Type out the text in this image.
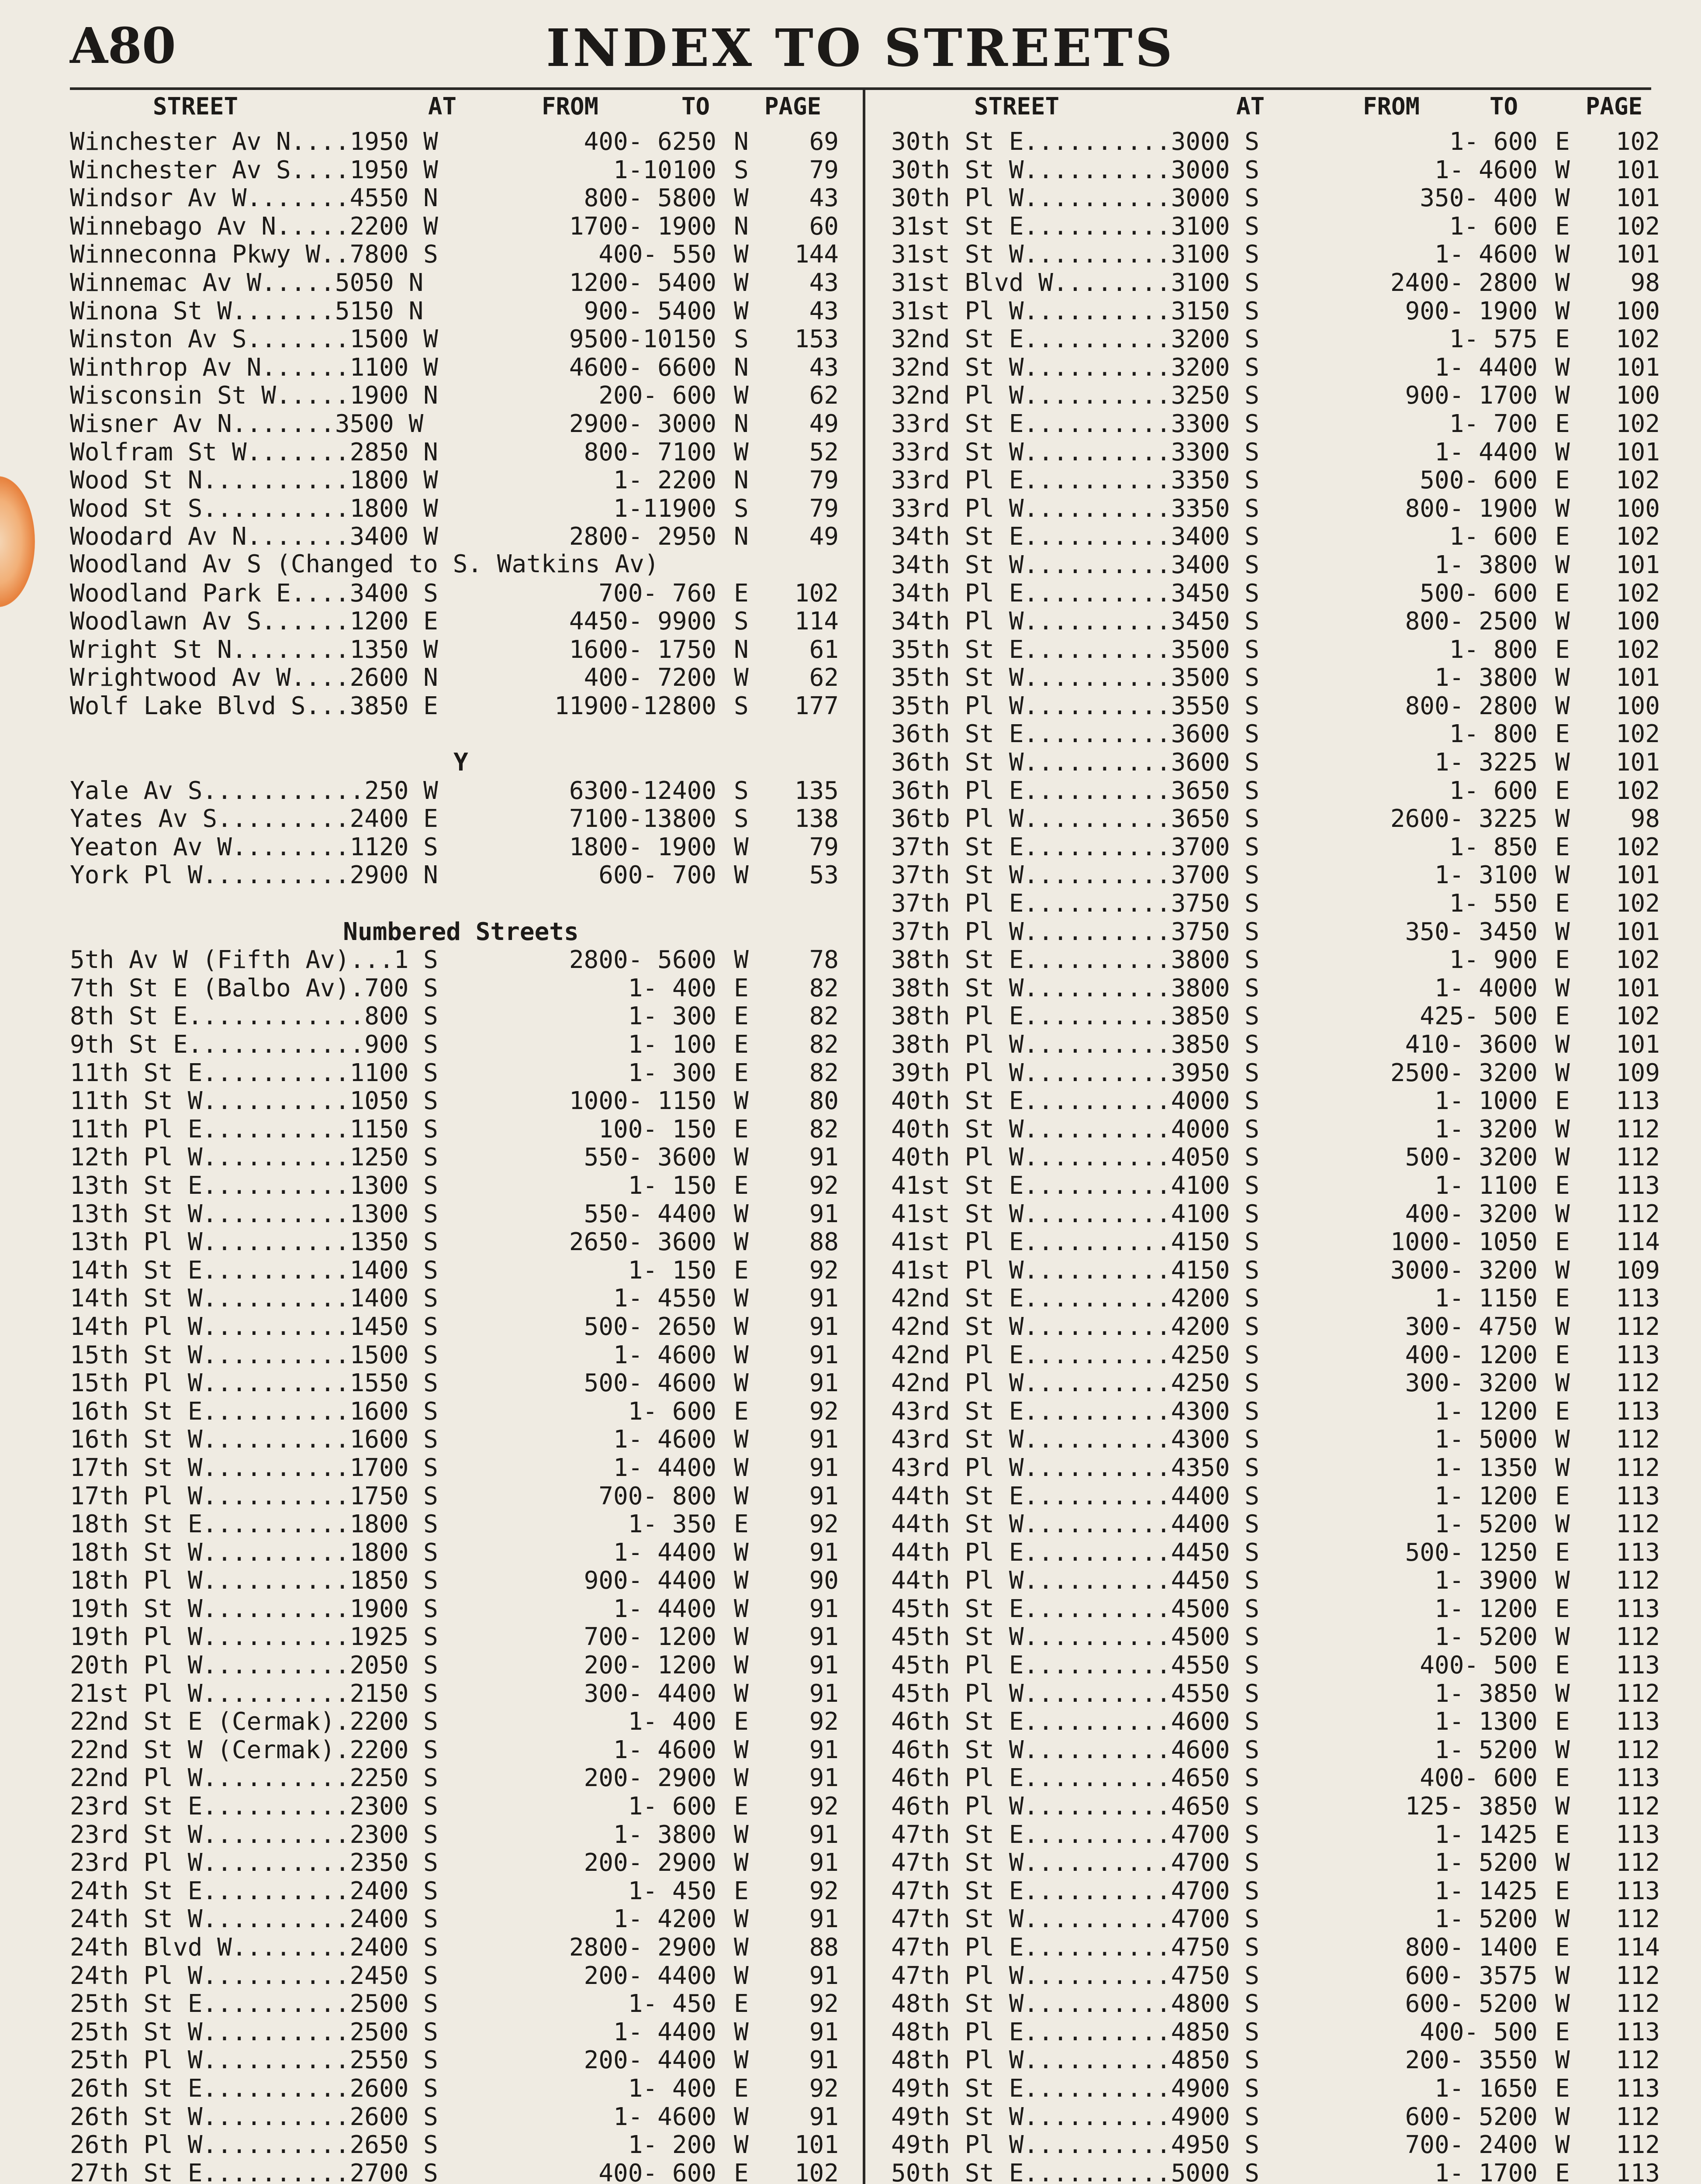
A80	INDEX TO STREETS
STREET	AT	FROM	TO PAGE
Winchester Av N....1950 W	400- 6250 N	69
Winchester Av S....1950 W	1-10100 S	79
Windsor Av W.......4550 N	800- 5800 W	43
Winnebago Av N.....2200 W	1700- 1900 N	60
Winneconna Pkwy W..7800 S	400- 550 W	144
Winnemac Av W.....5050 N	1200- 5400 W	43
Winona St W.......5150 N	900- 5400 W	43
Winston Av S.......1500 W	9500-10150 S	153
Winthrop Av N......1100 W	4600- 6600 N	43
Wisconsin St W.....1900 N	200- 600 W	62
Wisner Av N.......3500 W	2900- 3000 N	49
Wolfram St W.......2850 N	800- 7100 W	52
Wood St N..........1800 W	1- 2200 N	79
Wood St S..........1800 W	1-11900 S	79
Woodard Av N.......3400 W	2800- 2950 N	49
Woodland Av S (Changed to S. Watkins Av)
Woodland Park E....3400 S	700- 760 E	102
Woodlawn Av S......1200 E	4450- 9900 S	114
Wright St N........1350 W	1600- 1750 N	61
Wrightwood Av W....2600 N	400- 7200 W	62
Wolf Lake Blvd S...3850 E	11900-12800 S	177
Y
Yale Av S...........250 W	6300-12400 S	135
Yates Av S.........2400 E	7100-13800 S	138
Yeaton Av W........1120 S	1800- 1900 W	79
York Pl W..........2900 N	600- 700 W	53
Numbered Streets
5th Av W (Fifth Av)...1 S	2800- 5600 W	78
7th St E (Balbo Av).700 S	1- 400 E	82
8th St E............800 S	1- 300 E	82
9th St E............900 S	1- 100 E	82
11th St E..........1100 S	1- 300 E	82
11th St W..........1050 S	1000- 1150 W	80
11th Pl E..........1150 S	100- 150 E	82
12th Pl W..........1250 S	550- 3600 W	91
13th St E..........1300 S	1- 150 E	92
13th St W..........1300 S	550- 4400 W	91
13th Pl W..........1350 S	2650- 3600 W	88
14th St E..........1400 S	1- 150 E	92
14th St W..........1400 S	1- 4550 W	91
14th Pl W..........1450 S	500- 2650 W	91
15th St W..........1500 S	1- 4600 W	91
15th Pl W..........1550 S	500- 4600 W	91
16th St E..........1600 S	1- 600 E	92
16th St W..........1600 S	1- 4600 W	91
17th St W..........1700 S	1- 4400 W	91
17th Pl W..........1750 S	700- 800 W	91
18th St E..........1800 S	1- 350 E	92
18th St W..........1800 S	1- 4400 W	91
18th Pl W..........1850 S	900- 4400 W	90
19th St W..........1900 S	1- 4400 W	91
19th Pl W..........1925 S	700- 1200 W	91
20th Pl W..........2050 S	200- 1200 W	91
21st Pl W..........2150 S	300- 4400 W	91
22nd St E (Cermak).2200 S	1- 400 E	92
22nd St W (Cermak).2200 S	1- 4600 W	91
22nd Pl W..........2250 S	200- 2900 W	91
23rd St E..........2300 S	1- 600 E	92
23rd St W..........2300 S	1- 3800 W	91
23rd Pl W..........2350 S	200- 2900 W	91
24th St E..........2400 S	1- 450 E	92
24th St W..........2400 S	1- 4200 W	91
24th Blvd W........2400 S	2800- 2900 W	88
24th Pl W..........2450 S	200- 4400 W	91
25th St E..........2500 S	1- 450 E	92
25th St W..........2500 S	1- 4400 W	91
25th Pl W..........2550 S	200- 4400 W	91
26th St E..........2600 S	1- 400 E	92
26th St W..........2600 S	1- 4600 W	91
26th Pl W..........2650 S	1- 200 W	101
27th St E..........2700 S	400- 600 E	102
STREET	AT	FROM	TO	PAGE
30th St E..........3000 S	1- 600 E	102
30th St W..........3000 S	1- 4600 W	101
30th Pl W..........3000 S	350- 400 W	101
31st St E..........3100 S	1- 600 E	102
31st St W..........3100 S	1- 4600 W	101
31st Blvd W........3100 S	2400- 2800 W	98
31st Pl W..........3150 S	900- 1900 W	100
32nd St E..........3200 S	1- 575 E	102
32nd St W..........3200 S	1- 4400 W	101
32nd Pl W..........3250 S	900- 1700 W	100
33rd St E..........3300 S	1- 700 E	102
33rd St W..........3300 S	1- 4400 W	101
33rd Pl E..........3350 S	500- 600 E	102
33rd Pl W..........3350 S	800- 1900 W	100
34th St E..........3400 S	1- 600 E	102
34th St W..........3400 S	1- 3800 W	101
34th Pl E..........3450 S	500- 600 E	102
34th Pl W..........3450 S	800- 2500 W	100
35th St E..........3500 S	1- 800 E	102
35th St W..........3500 S	1- 3800 W	101
35th Pl W..........3550 S	800- 2800 W	100
36th St E..........3600 S	1- 800 E	102
36th St W..........3600 S	1- 3225 W	101
36th Pl E..........3650 S	1- 600 E	102
36tb Pl W..........3650 S	2600- 3225 W	98
37th St E..........3700 S	1- 850 E	102
37th St W..........3700 S	1- 3100 W	101
37th Pl E..........3750 S	1- 550 E	102
37th Pl W..........3750 S	350- 3450 W	101
38th St E..........3800 S	1- 900 E	102
38th St W..........3800 S	1- 4000 W	101
38th Pl E..........3850 S	425- 500 E	102
38th Pl W..........3850 S	410- 3600 W	101
39th Pl W..........3950 S	2500- 3200 W	109
40th St E..........4000 S	1- 1000 E	113
40th St W..........4000 S	1- 3200 W	112
40th Pl W..........4050 S	500- 3200 W	112
41st St E..........4100 S	1- 1100 E	113
41st St W..........4100 S	400- 3200 W	112
41st Pl E..........4150 S	1000- 1050 E	114
41st Pl W..........4150 S	3000- 3200 W	109
42nd St E..........4200 S	1- 1150 E	113
42nd St W..........4200 S	300- 4750 W	112
42nd Pl E..........4250 S	400- 1200 E	113
42nd Pl W..........4250 S	300- 3200 W	112
43rd St E..........4300 S	1- 1200 E	113
43rd St W..........4300 S	1- 5000 W	112
43rd Pl W..........4350 S	1- 1350 W	112
44th St E..........4400 S	1- 1200 E	113
44th St W..........4400 S	1- 5200 W	112
44th Pl E..........4450 S	500- 1250 E	113
44th Pl W..........4450 S	1- 3900 W	112
45th St E..........4500 S	1- 1200 E	113
45th St W..........4500 S	1- 5200 W	112
45th Pl E..........4550 S	400- 500 E	113
45th Pl W..........4550 S	1- 3850 W	112
46th St E..........4600 S	1- 1300 E	113
46th St W..........4600 S	1- 5200 W	112
46th Pl E..........4650 S	400- 600 E	113
46th Pl W..........4650 S	125- 3850 W	112
47th St E..........4700 S	1- 1425 E	113
47th St W..........4700 S	1- 5200 W	112
47th St E..........4700 S	1- 1425 E	113
47th St W..........4700 S	1- 5200 W	112
47th Pl E..........4750 S	800- 1400 E	114
47th Pl W..........4750 S	600- 3575 W	112
48th St W..........4800 S	600- 5200 W	112
48th Pl E..........4850 S	400- 500 E	113
48th Pl W..........4850 S	200- 3550 W	112
49th St E..........4900 S	1- 1650 E	113
49th St W..........4900 S	600- 5200 W	112
49th Pl W..........4950 S	700- 2400 W	112
50th St E..........5000 S	1- 1700 E	113
